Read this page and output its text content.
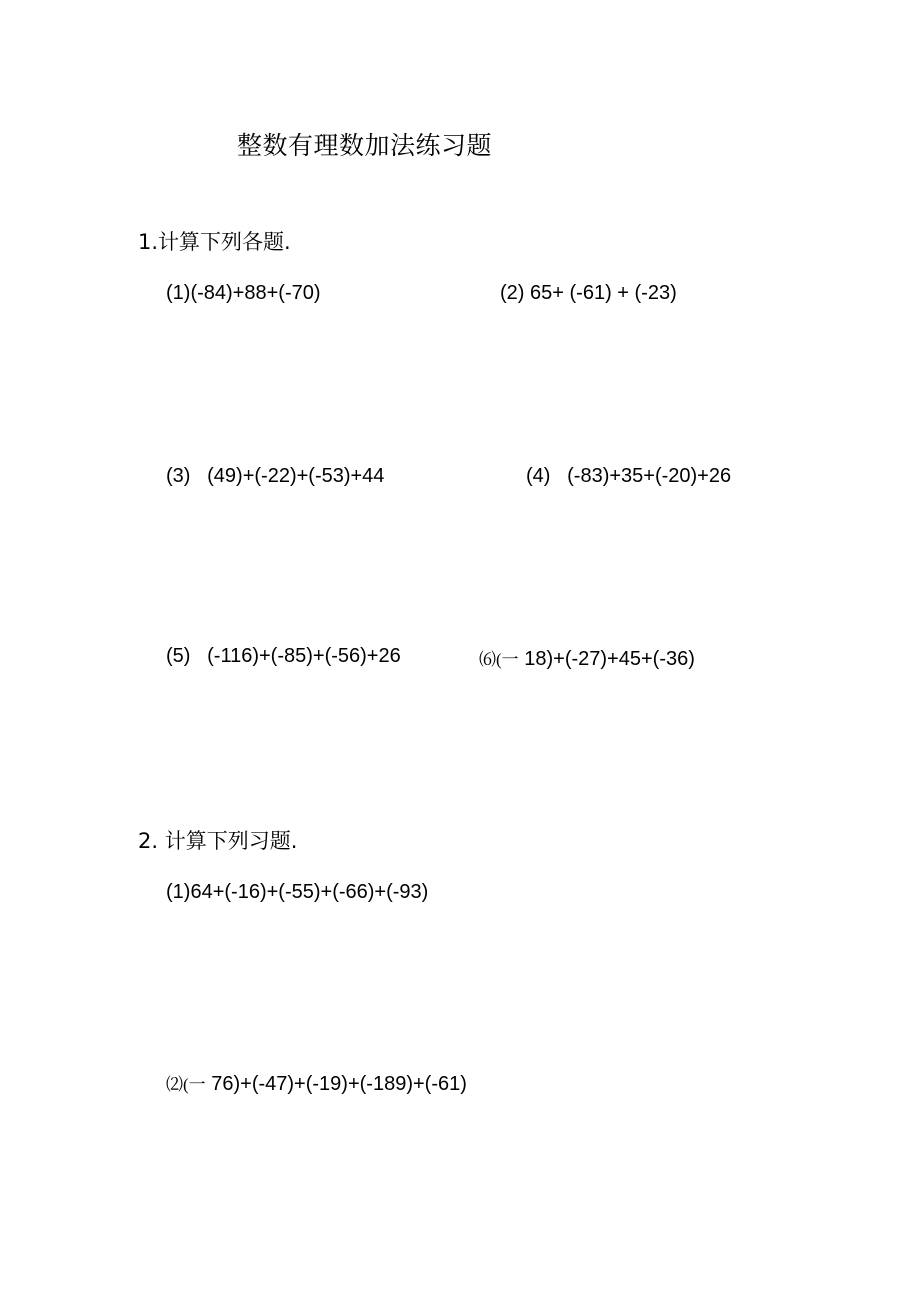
整数有理数加法练习题
1.计算下列各题.
(1)(-84)+88+(-70)	(2) 65+ (-61) + (-23)
(3) (49)+(-22)+(-53)+44	(4) (-83)+35+(-20)+26
(5) (-116)+(-85)+(-56)+26	⑹(一 18)+(-27)+45+(-36)
2. 计算下列习题.
(1)64+(-16)+(-55)+(-66)+(-93)
⑵(一 76)+(-47)+(-19)+(-189)+(-61)
